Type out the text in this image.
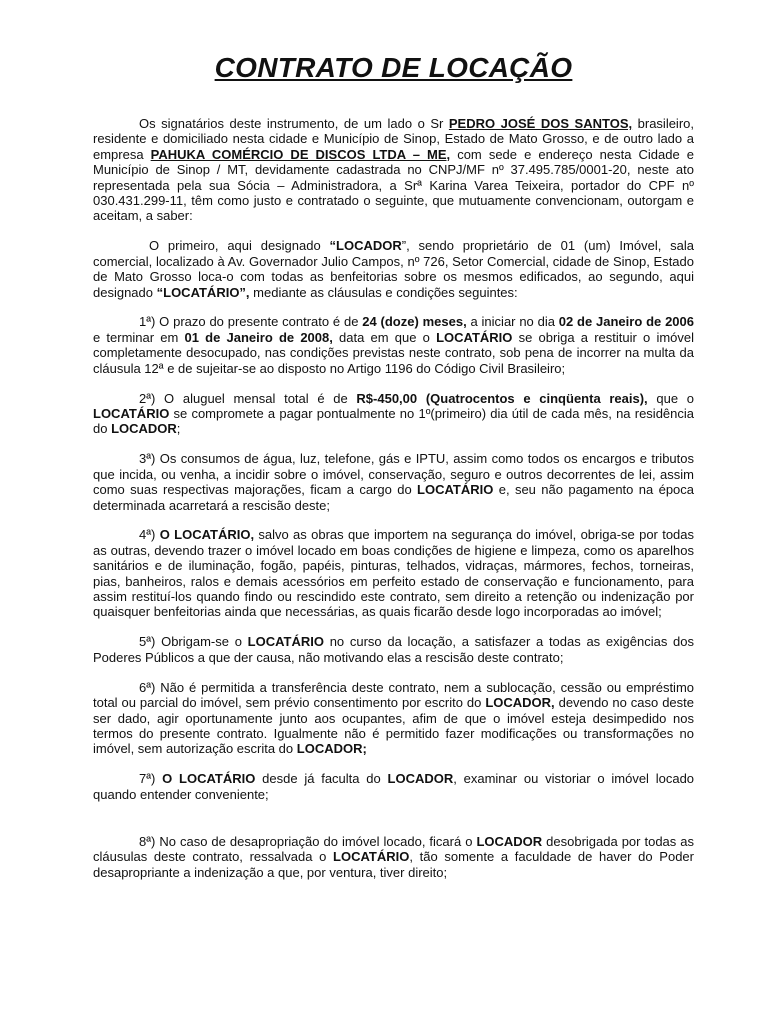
CONTRATO DE LOCAÇÃO

Os signatários deste instrumento, de um lado o Sr PEDRO JOSÉ DOS SANTOS, brasileiro, residente e domiciliado nesta cidade e Município de Sinop, Estado de Mato Grosso, e de outro lado a empresa PAHUKA COMÉRCIO DE DISCOS LTDA – ME, com sede e endereço nesta Cidade e Município de Sinop / MT, devidamente cadastrada no CNPJ/MF nº 37.495.785/0001-20, neste ato representada pela sua Sócia – Administradora, a Srª Karina Varea Teixeira, portador do CPF nº 030.431.299-11, têm como justo e contratado o seguinte, que mutuamente convencionam, outorgam e aceitam, a saber:

O primeiro, aqui designado “LOCADOR”, sendo proprietário de 01 (um) Imóvel, sala comercial, localizado à Av. Governador Julio Campos, nº 726, Setor Comercial, cidade de Sinop, Estado de Mato Grosso loca-o com todas as benfeitorias sobre os mesmos edificados, ao segundo, aqui designado “LOCATÁRIO”, mediante as cláusulas e condições seguintes:

1ª) O prazo do presente contrato é de 24 (doze) meses, a iniciar no dia 02 de Janeiro de 2006 e terminar em 01 de Janeiro de 2008, data em que o LOCATÁRIO se obriga a restituir o imóvel completamente desocupado, nas condições previstas neste contrato, sob pena de incorrer na multa da cláusula 12ª e de sujeitar-se ao disposto no Artigo 1196 do Código Civil Brasileiro;

2ª) O aluguel mensal total é de R$-450,00 (Quatrocentos e cinqüenta reais), que o LOCATÁRIO se compromete a pagar pontualmente no 1º(primeiro) dia útil de cada mês, na residência do LOCADOR;

3ª) Os consumos de água, luz, telefone, gás e IPTU, assim como todos os encargos e tributos que incida, ou venha, a incidir sobre o imóvel, conservação, seguro e outros decorrentes de lei, assim como suas respectivas majorações, ficam a cargo do LOCATÁRIO e, seu não pagamento na época determinada acarretará a rescisão deste;

4ª) O LOCATÁRIO, salvo as obras que importem na segurança do imóvel, obriga-se por todas as outras, devendo trazer o imóvel locado em boas condições de higiene e limpeza, como os aparelhos sanitários e de iluminação, fogão, papéis, pinturas, telhados, vidraças, mármores, fechos, torneiras, pias, banheiros, ralos e demais acessórios em perfeito estado de conservação e funcionamento, para assim restituí-los quando findo ou rescindido este contrato, sem direito a retenção ou indenização por quaisquer benfeitorias ainda que necessárias, as quais ficarão desde logo incorporadas ao imóvel;

5ª) Obrigam-se o LOCATÁRIO no curso da locação, a satisfazer a todas as exigências dos Poderes Públicos a que der causa, não motivando elas a rescisão deste contrato;

6ª) Não é permitida a transferência deste contrato, nem a sublocação, cessão ou empréstimo total ou parcial do imóvel, sem prévio consentimento por escrito do LOCADOR, devendo no caso deste ser dado, agir oportunamente junto aos ocupantes, afim de que o imóvel esteja desimpedido nos termos do presente contrato. Igualmente não é permitido fazer modificações ou transformações no imóvel, sem autorização escrita do LOCADOR;

7ª) O LOCATÁRIO desde já faculta do LOCADOR, examinar ou vistoriar o imóvel locado quando entender conveniente;

8ª) No caso de desapropriação do imóvel locado, ficará o LOCADOR desobrigada por todas as cláusulas deste contrato, ressalvada o LOCATÁRIO, tão somente a faculdade de haver do Poder desapropriante a indenização a que, por ventura, tiver direito;
